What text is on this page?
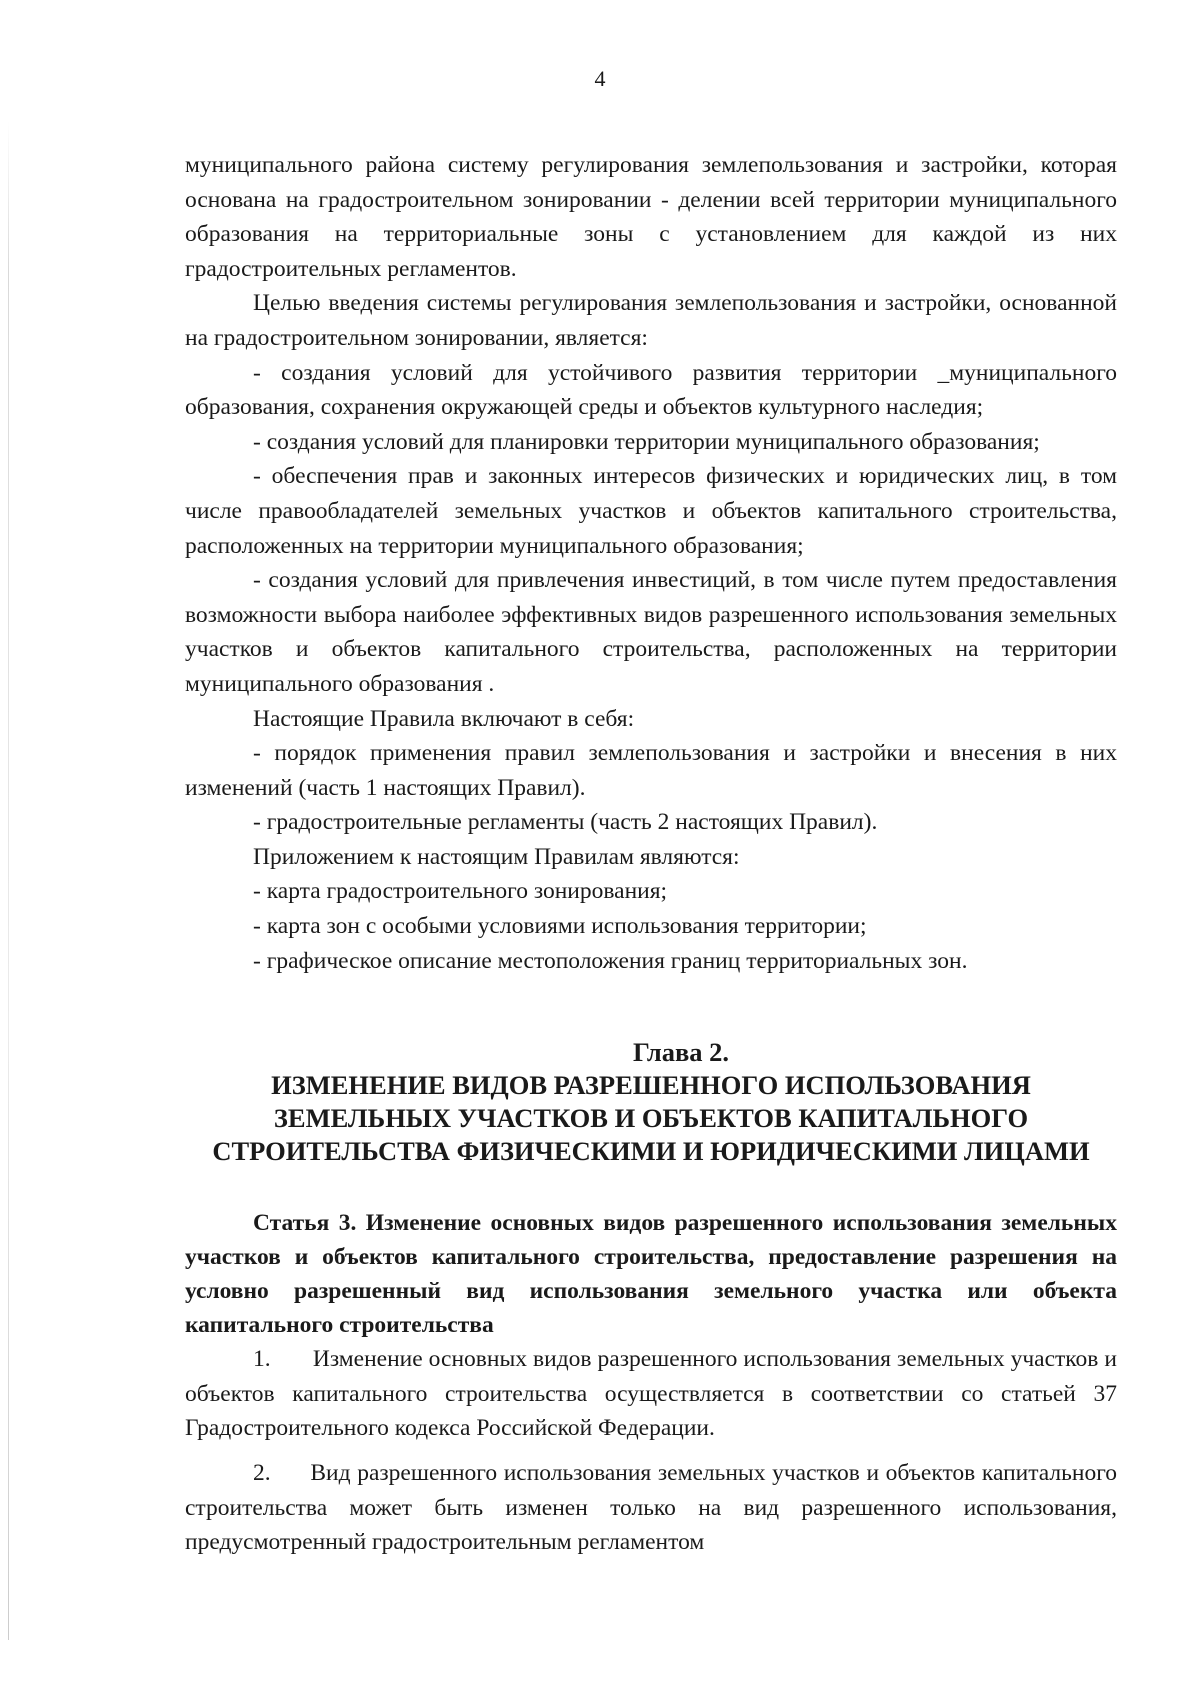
4

муниципального района систему регулирования землепользования и застройки, которая основана на градостроительном зонировании - делении всей территории муниципального образования на территориальные зоны с установлением для каждой из них градостроительных регламентов.

Целью введения системы регулирования землепользования и застройки, основанной на градостроительном зонировании, является:

- создания условий для устойчивого развития территории _муниципального образования, сохранения окружающей среды и объектов культурного наследия;

- создания условий для планировки территории муниципального образования;

- обеспечения прав и законных интересов физических и юридических лиц, в том числе правообладателей земельных участков и объектов капитального строительства, расположенных на территории муниципального образования;

- создания условий для привлечения инвестиций, в том числе путем предоставления возможности выбора наиболее эффективных видов разрешенного использования земельных участков и объектов капитального строительства, расположенных на территории муниципального образования .

Настоящие Правила включают в себя:

- порядок применения правил землепользования и застройки и внесения в них изменений (часть 1 настоящих Правил).

- градостроительные регламенты (часть 2 настоящих Правил).

Приложением к настоящим Правилам являются:

- карта градостроительного зонирования;

- карта зон с особыми условиями использования территории;

- графическое описание местоположения границ территориальных зон.

Глава 2.
ИЗМЕНЕНИЕ ВИДОВ РАЗРЕШЕННОГО ИСПОЛЬЗОВАНИЯ ЗЕМЕЛЬНЫХ УЧАСТКОВ И ОБЪЕКТОВ КАПИТАЛЬНОГО СТРОИТЕЛЬСТВА ФИЗИЧЕСКИМИ И ЮРИДИЧЕСКИМИ ЛИЦАМИ

Статья 3. Изменение основных видов разрешенного использования земельных участков и объектов капитального строительства, предоставление разрешения на условно разрешенный вид использования земельного участка или объекта капитального строительства

1. Изменение основных видов разрешенного использования земельных участков и объектов капитального строительства осуществляется в соответствии со статьей 37 Градостроительного кодекса Российской Федерации.

2. Вид разрешенного использования земельных участков и объектов капитального строительства может быть изменен только на вид разрешенного использования, предусмотренный градостроительным регламентом
